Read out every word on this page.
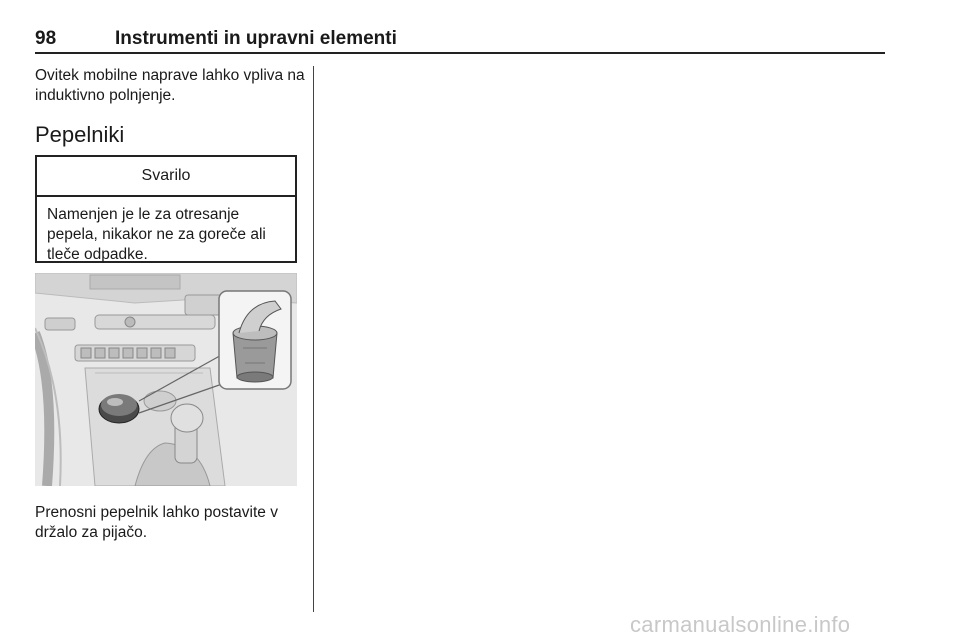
98	Instrumenti in upravni elementi
Ovitek mobilne naprave lahko vpliva na induktivno polnjenje.
Pepelniki
Svarilo
Namenjen je le za otresanje pepela, nikakor ne za goreče ali tleče odpadke.
Prenosni pepelnik lahko postavite v držalo za pijačo.
carmanualsonline.info
